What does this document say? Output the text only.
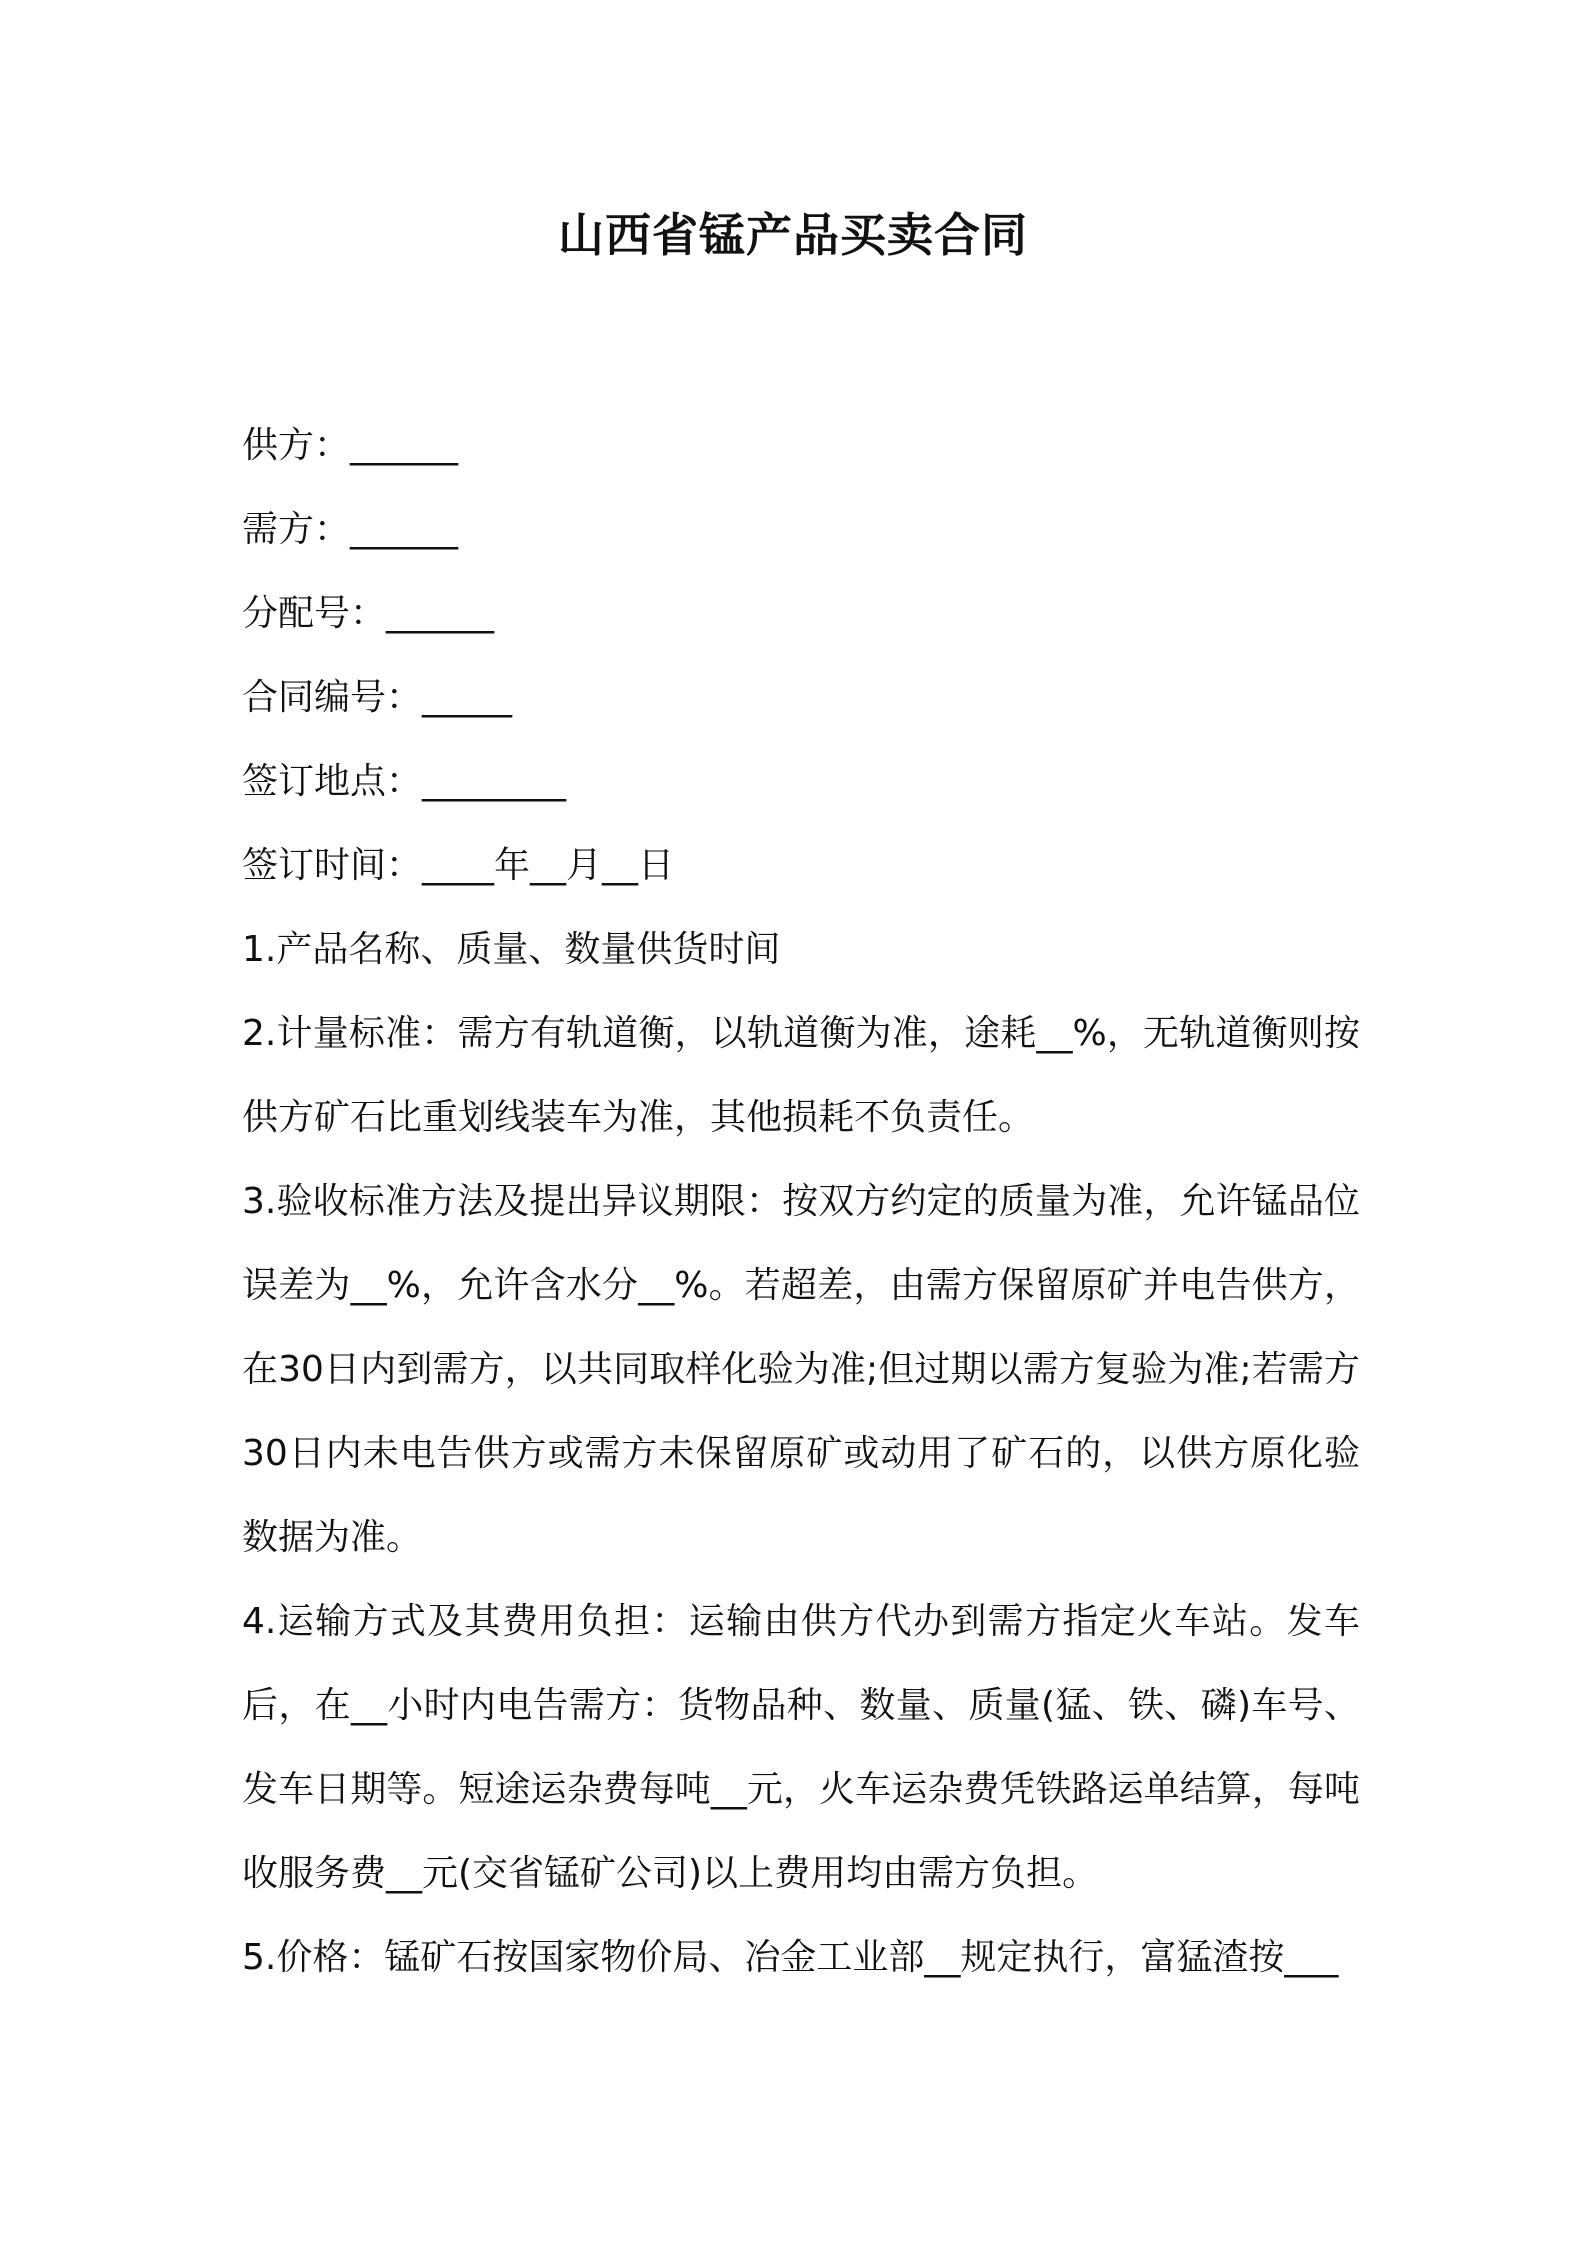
山西省锰产品买卖合同
供方：______
需方：______
分配号：______
合同编号：_____
签订地点：________
签订时间：____年__月__日
1.产品名称、质量、数量供货时间
2.计量标准：需方有轨道衡，以轨道衡为准，途耗__%，无轨道衡则按供方矿石比重划线装车为准，其他损耗不负责任。
3.验收标准方法及提出异议期限：按双方约定的质量为准，允许锰品位误差为__%，允许含水分__%。若超差，由需方保留原矿并电告供方，在30日内到需方，以共同取样化验为准;但过期以需方复验为准;若需方30日内未电告供方或需方未保留原矿或动用了矿石的，以供方原化验数据为准。
4.运输方式及其费用负担：运输由供方代办到需方指定火车站。发车后，在__小时内电告需方：货物品种、数量、质量(猛、铁、磷)车号、发车日期等。短途运杂费每吨__元，火车运杂费凭铁路运单结算，每吨收服务费__元(交省锰矿公司)以上费用均由需方负担。
5.价格：锰矿石按国家物价局、冶金工业部__规定执行，富猛渣按___
